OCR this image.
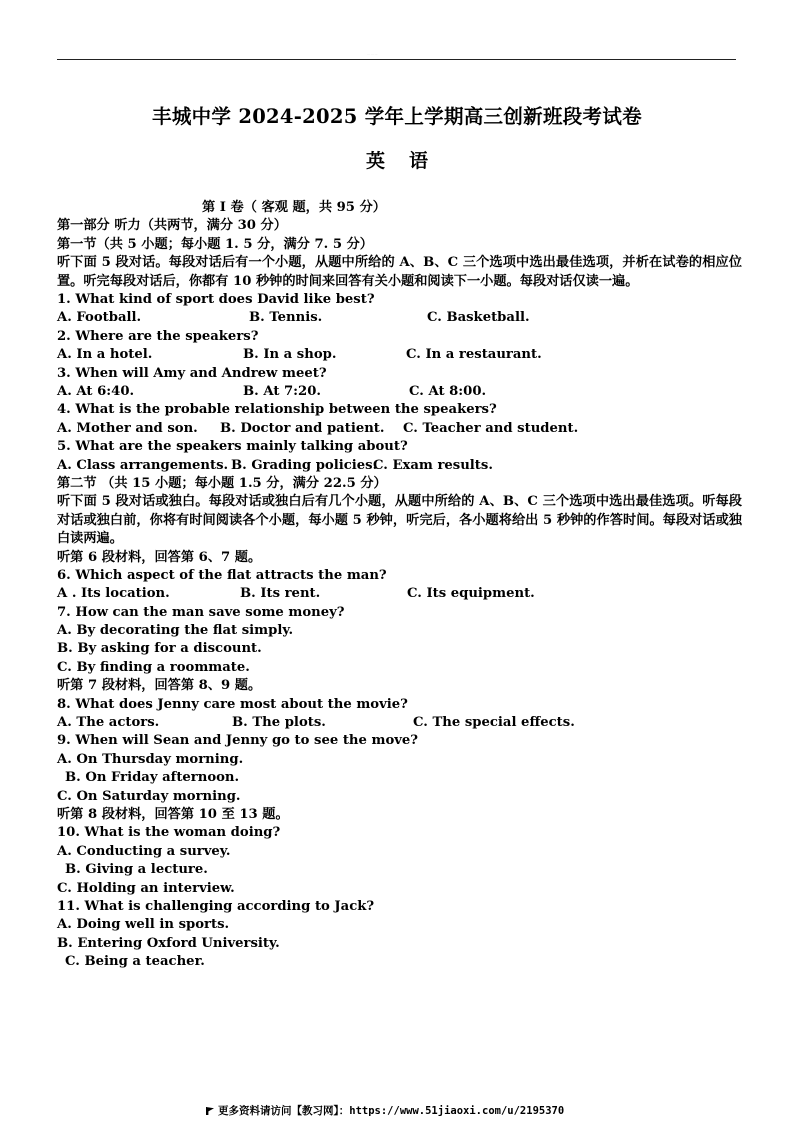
··· ··· ···
丰城中学 2024-2025 学年上学期高三创新班段考试卷
英语
第 I 卷（ 客观 题，共 95 分）
第一部分 听力（共两节，满分 30 分）
第一节（共 5 小题；每小题 1. 5 分，满分 7. 5 分）
听下面 5 段对话。每段对话后有一个小题，从题中所给的 A、B、C 三个选项中选出最佳选项，并析在试卷的相应位置。听完每段对话后，你都有 10 秒钟的时间来回答有关小题和阅读下一小题。每段对话仅读一遍。
1. What kind of sport does David like best?
A. Football.	B. Tennis.	C. Basketball.
2. Where are the speakers?
A. In a hotel.	B. In a shop.	C. In a restaurant.
3. When will Amy and Andrew meet?
A. At 6:40.	B. At 7:20.	C. At 8:00.
4. What is the probable relationship between the speakers?
A. Mother and son. B. Doctor and patient. C. Teacher and student.
5. What are the speakers mainly talking about?
A. Class arrangements. B. Grading policies.
C. Exam results.
第二节 （共 15 小题；每小题 1.5 分，满分 22.5 分）
听下面 5 段对话或独白。每段对话或独白后有几个小题，从题中所给的 A、B、C 三个选项中选出最佳选项。听每段对话或独白前，你将有时间阅读各个小题，每小题 5 秒钟，听完后，各小题将给出 5 秒钟的作答时间。每段对话或独白读两遍。
听第 6 段材料，回答第 6、7 题。
6. Which aspect of the flat attracts the man?
A . Its location.	B. Its rent.	C. Its equipment.
7. How can the man save some money?
A. By decorating the flat simply.
B. By asking for a discount.
C. By finding a roommate.
听第 7 段材料，回答第 8、9 题。
8. What does Jenny care most about the movie?
A. The actors.	B. The plots.	C. The special effects.
9. When will Sean and Jenny go to see the move?
A. On Thursday morning.
B. On Friday afternoon.
C. On Saturday morning.
听第 8 段材料，回答第 10 至 13 题。
10. What is the woman doing?
A. Conducting a survey.
B. Giving a lecture.
C. Holding an interview.
11. What is challenging according to Jack?
A. Doing well in sports.
B. Entering Oxford University.
C. Being a teacher.
更多资料请访问【教习网】：https://www.51jiaoxi.com/u/2195370
